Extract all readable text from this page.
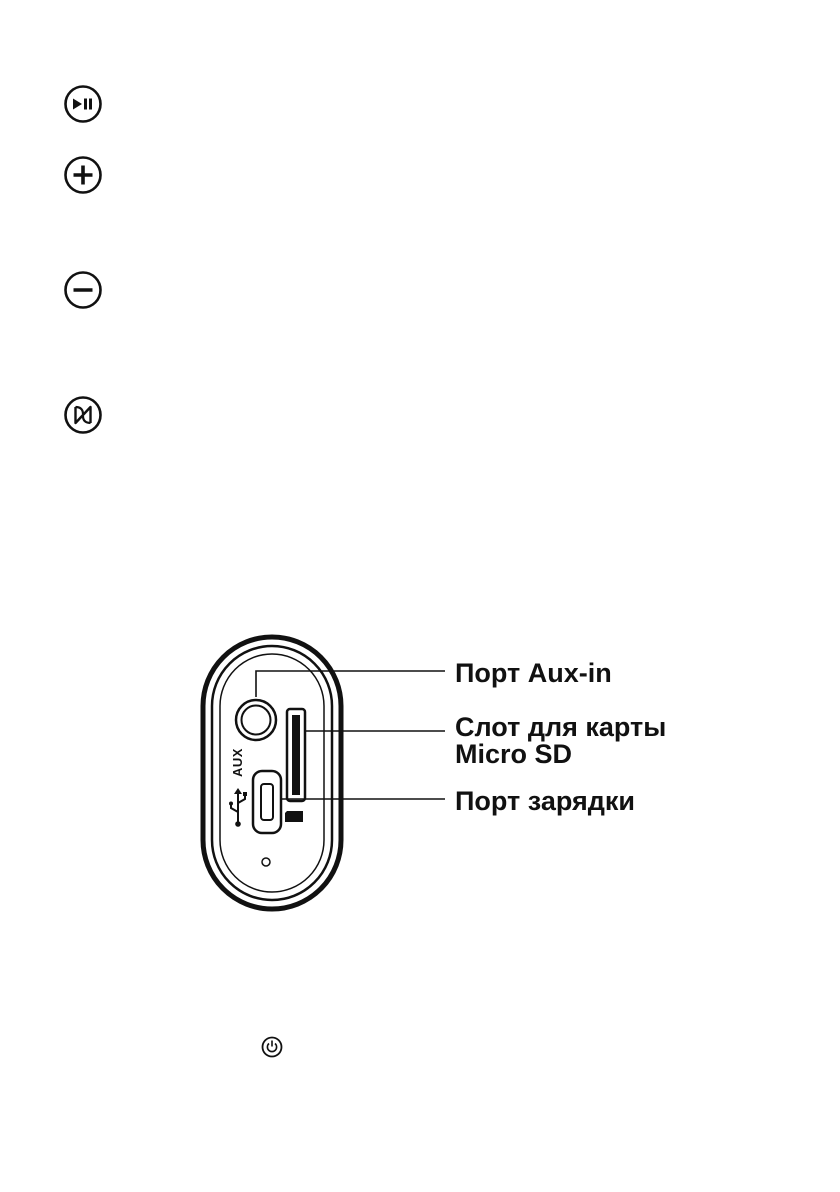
AUX
Порт Aux-in
Слот для карты
Micro SD
Порт зарядки
